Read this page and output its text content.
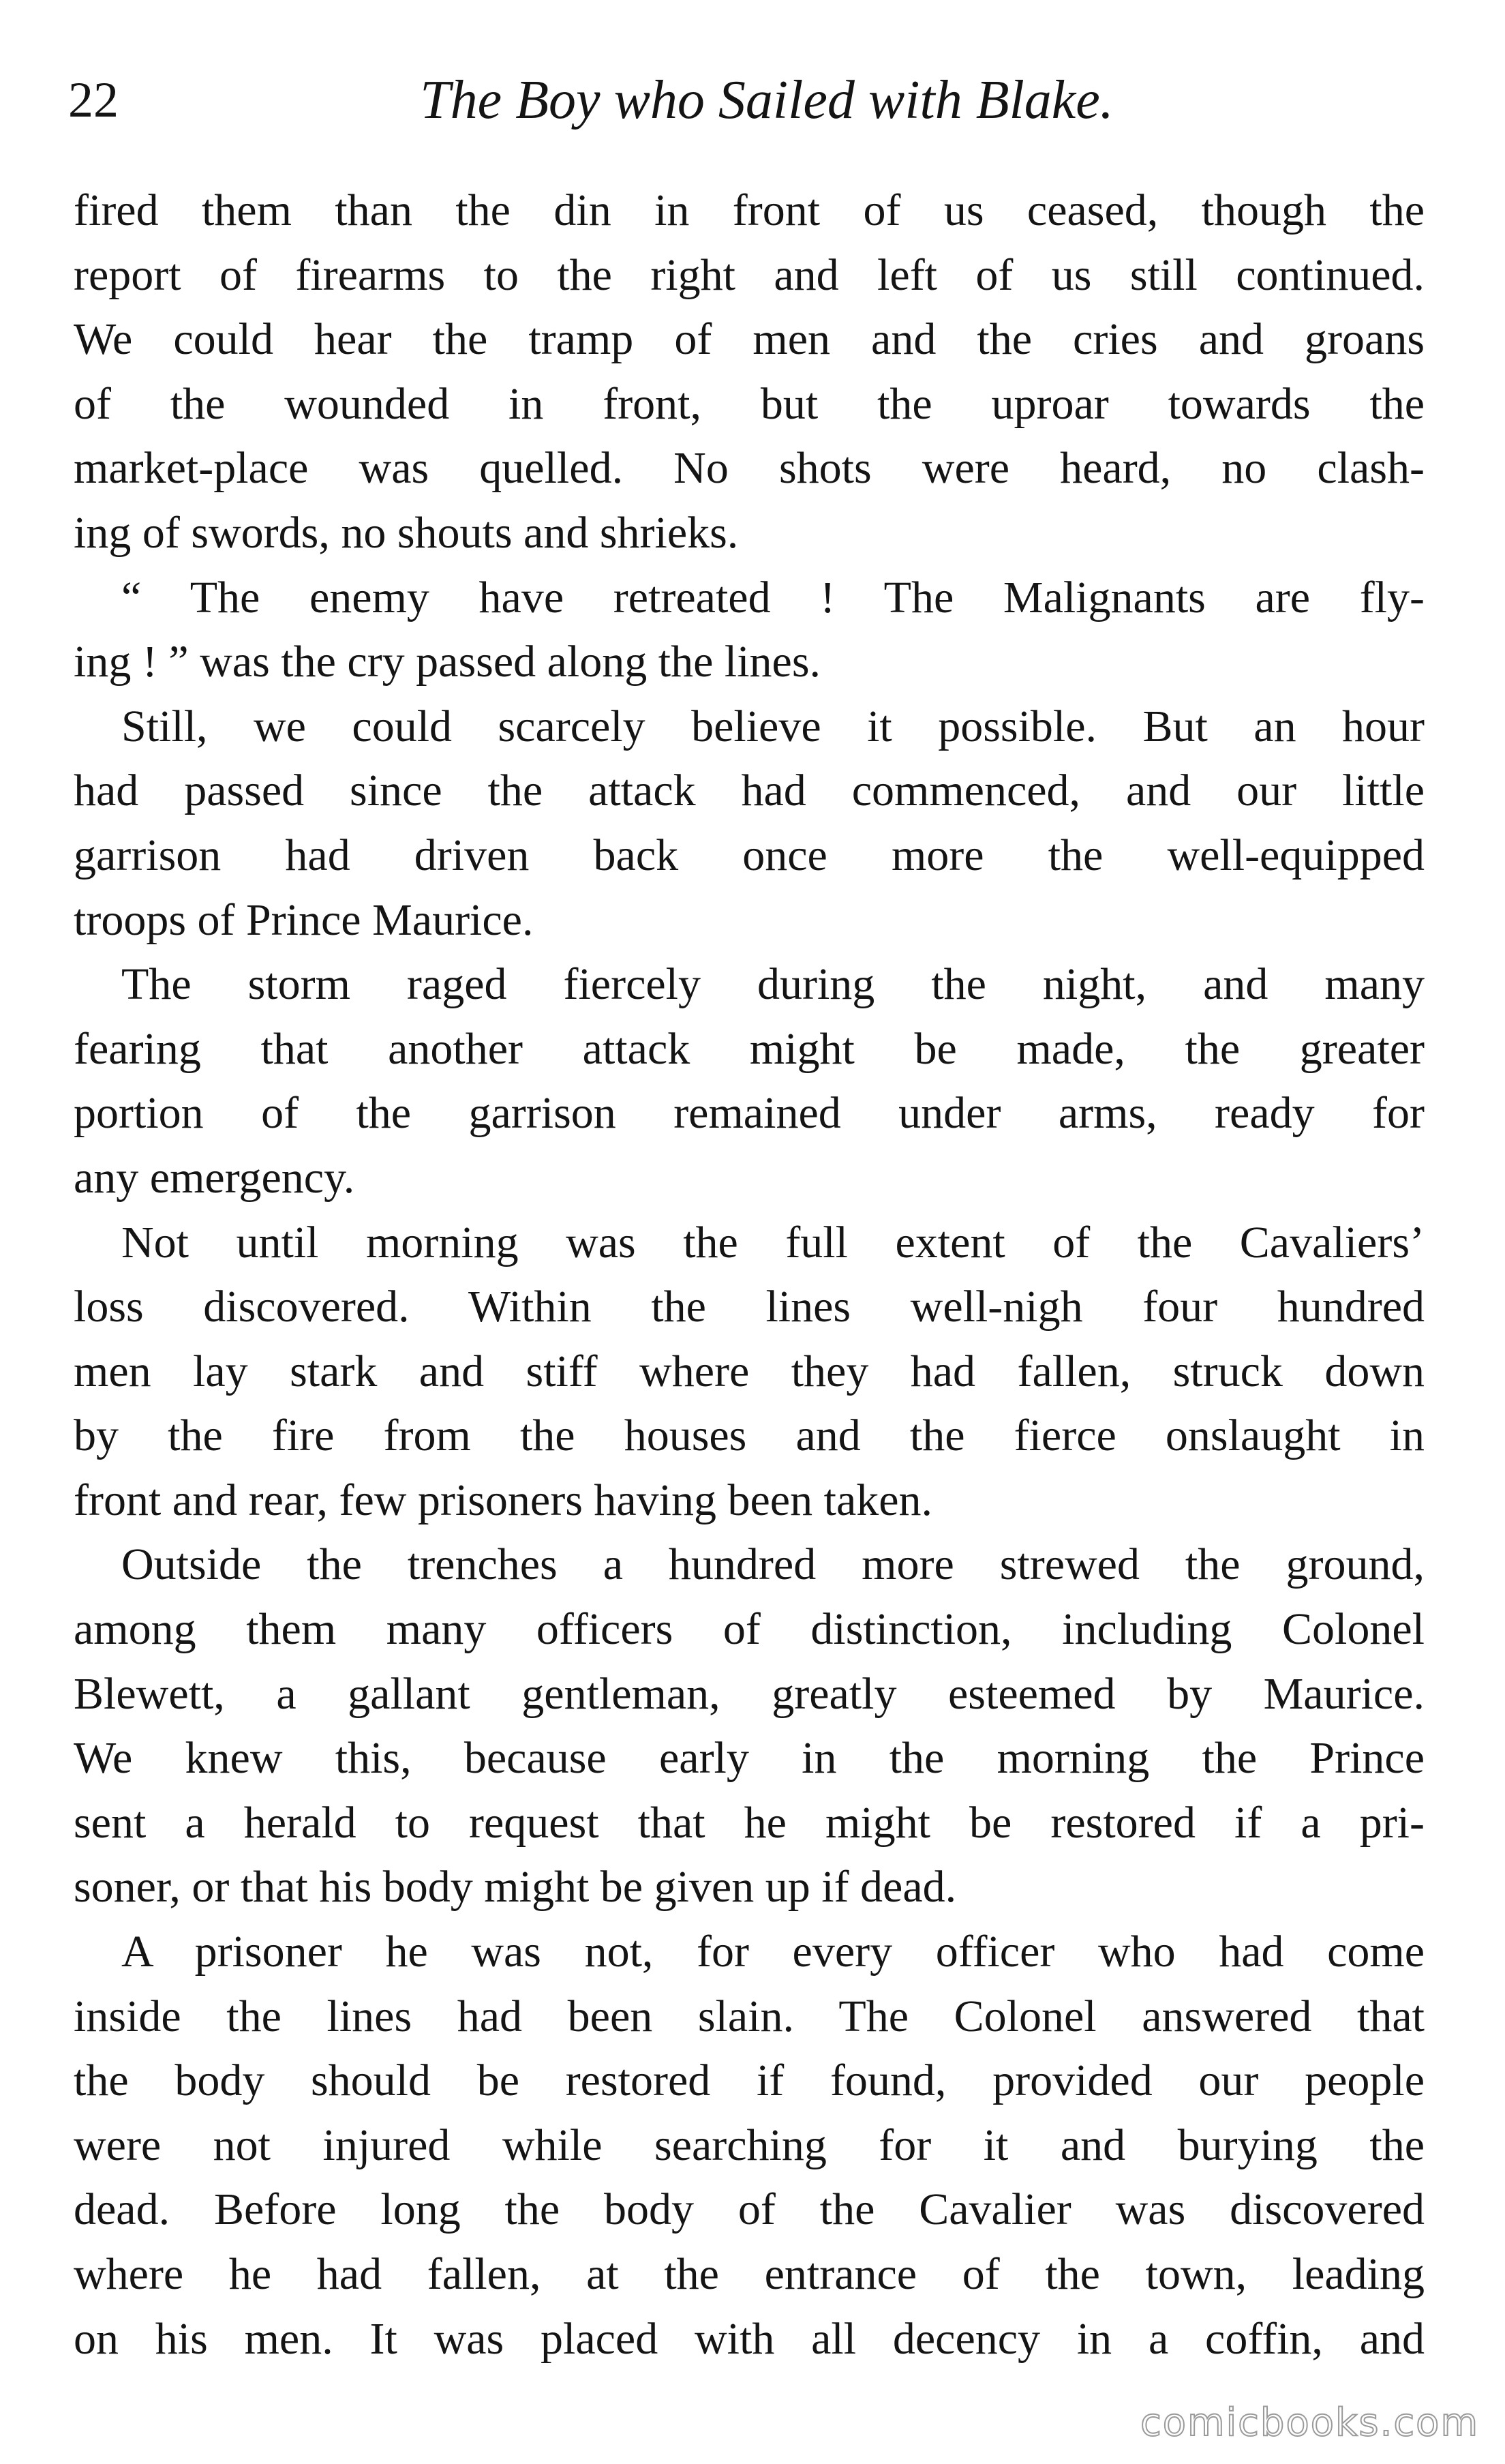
22	The Boy who Sailed with Blake.
fired them than the din in front of us ceased, though the
report of firearms to the right and left of us still continued.
We could hear the tramp of men and the cries and groans
of the wounded in front, but the uproar towards the
market-place was quelled. No shots were heard, no clash-
ing of swords, no shouts and shrieks.
“ The enemy have retreated ! The Malignants are fly-
ing ! ” was the cry passed along the lines.
Still, we could scarcely believe it possible. But an hour
had passed since the attack had commenced, and our little
garrison had driven back once more the well-equipped
troops of Prince Maurice.
The storm raged fiercely during the night, and many
fearing that another attack might be made, the greater
portion of the garrison remained under arms, ready for
any emergency.
Not until morning was the full extent of the Cavaliers’
loss discovered. Within the lines well-nigh four hundred
men lay stark and stiff where they had fallen, struck down
by the fire from the houses and the fierce onslaught in
front and rear, few prisoners having been taken.
Outside the trenches a hundred more strewed the ground,
among them many officers of distinction, including Colonel
Blewett, a gallant gentleman, greatly esteemed by Maurice.
We knew this, because early in the morning the Prince
sent a herald to request that he might be restored if a pri-
soner, or that his body might be given up if dead.
A prisoner he was not, for every officer who had come
inside the lines had been slain. The Colonel answered that
the body should be restored if found, provided our people
were not injured while searching for it and burying the
dead. Before long the body of the Cavalier was discovered
where he had fallen, at the entrance of the town, leading
on his men. It was placed with all decency in a coffin, and
comicbooks.com
